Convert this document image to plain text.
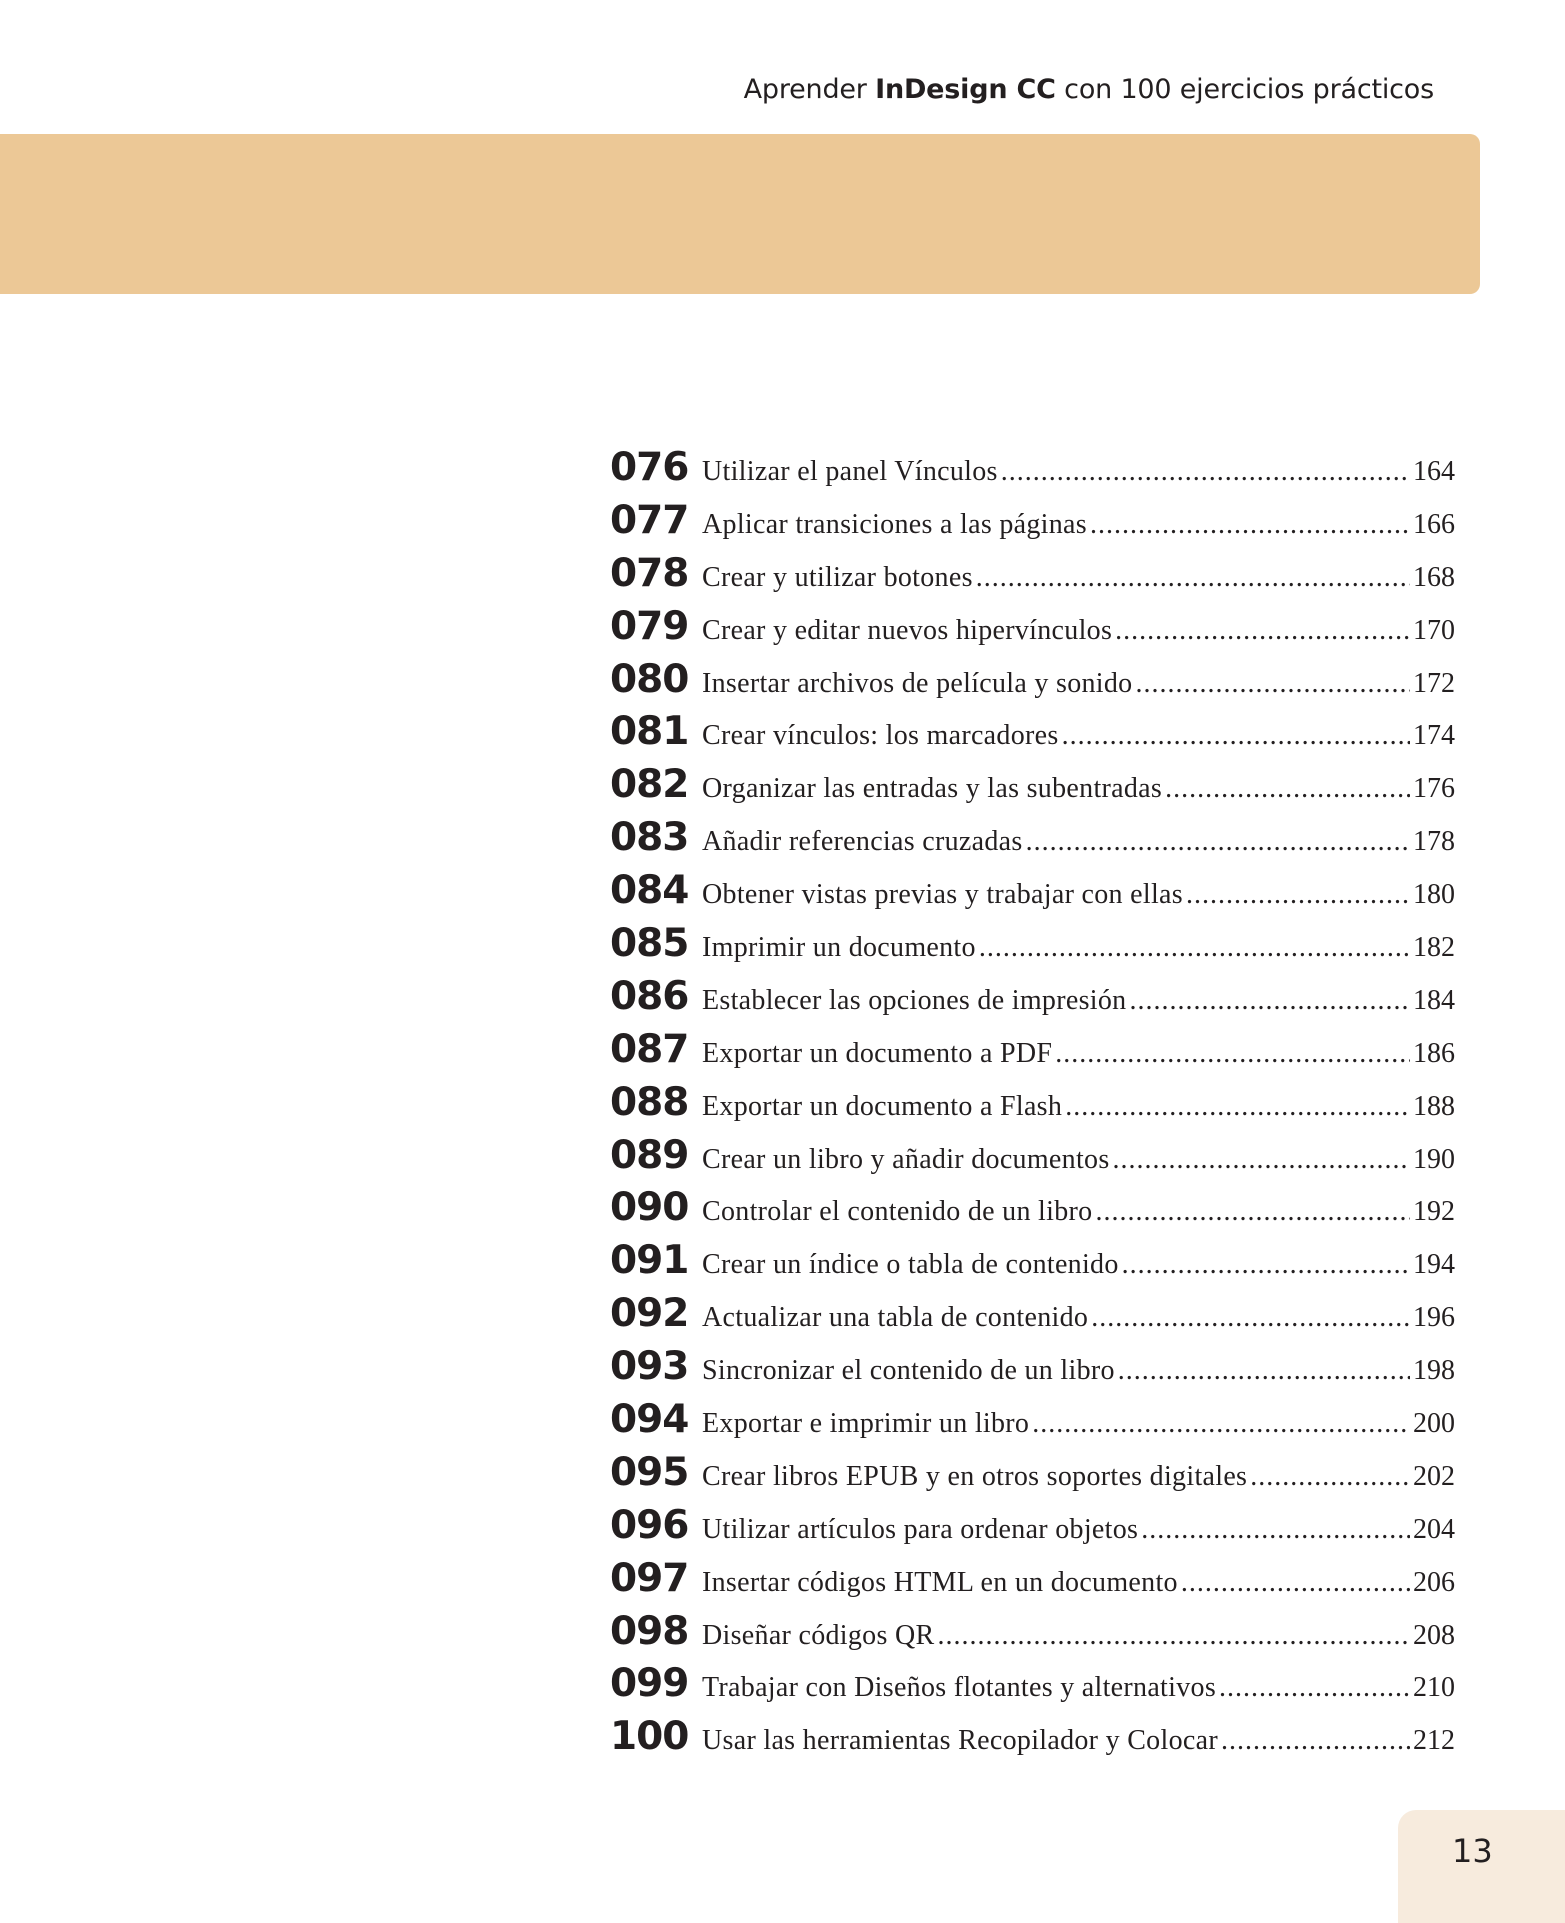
Aprender InDesign CC con 100 ejercicios prácticos
076 Utilizar el panel Vínculos .....	164
077 Aplicar transiciones a las páginas .....	166
078 Crear y utilizar botones .....	168
079 Crear y editar nuevos hipervínculos .....	170
080 Insertar archivos de película y sonido .....	172
081 Crear vínculos: los marcadores .....	174
082 Organizar las entradas y las subentradas .....	176
083 Añadir referencias cruzadas .....	178
084 Obtener vistas previas y trabajar con ellas .....	180
085 Imprimir un documento .....	182
086 Establecer las opciones de impresión .....	184
087 Exportar un documento a PDF .....	186
088 Exportar un documento a Flash .....	188
089 Crear un libro y añadir documentos .....	190
090 Controlar el contenido de un libro .....	192
091 Crear un índice o tabla de contenido .....	194
092 Actualizar una tabla de contenido .....	196
093 Sincronizar el contenido de un libro .....	198
094 Exportar e imprimir un libro .....	200
095 Crear libros EPUB y en otros soportes digitales .....	202
096 Utilizar artículos para ordenar objetos .....	204
097 Insertar códigos HTML en un documento .....	206
098 Diseñar códigos QR .....	208
099 Trabajar con Diseños flotantes y alternativos .....	210
100 Usar las herramientas Recopilador y Colocar .....	212
13
